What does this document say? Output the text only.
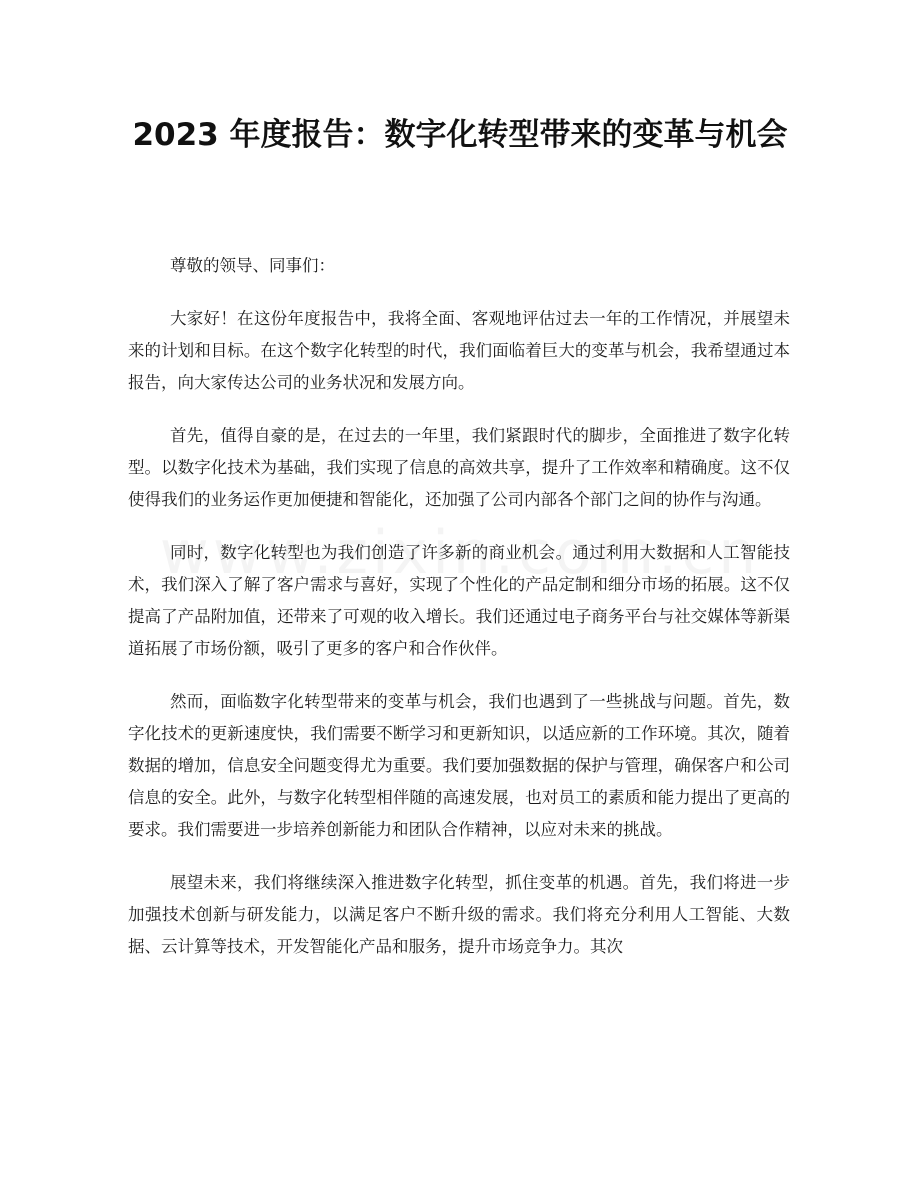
2023 年度报告：数字化转型带来的变革与机会

尊敬的领导、同事们：

大家好！在这份年度报告中，我将全面、客观地评估过去一年的工作情况，并展望未来的计划和目标。在这个数字化转型的时代，我们面临着巨大的变革与机会，我希望通过本报告，向大家传达公司的业务状况和发展方向。

首先，值得自豪的是，在过去的一年里，我们紧跟时代的脚步，全面推进了数字化转型。以数字化技术为基础，我们实现了信息的高效共享，提升了工作效率和精确度。这不仅使得我们的业务运作更加便捷和智能化，还加强了公司内部各个部门之间的协作与沟通。

同时，数字化转型也为我们创造了许多新的商业机会。通过利用大数据和人工智能技术，我们深入了解了客户需求与喜好，实现了个性化的产品定制和细分市场的拓展。这不仅提高了产品附加值，还带来了可观的收入增长。我们还通过电子商务平台与社交媒体等新渠道拓展了市场份额，吸引了更多的客户和合作伙伴。

然而，面临数字化转型带来的变革与机会，我们也遇到了一些挑战与问题。首先，数字化技术的更新速度快，我们需要不断学习和更新知识，以适应新的工作环境。其次，随着数据的增加，信息安全问题变得尤为重要。我们要加强数据的保护与管理，确保客户和公司信息的安全。此外，与数字化转型相伴随的高速发展，也对员工的素质和能力提出了更高的要求。我们需要进一步培养创新能力和团队合作精神，以应对未来的挑战。

展望未来，我们将继续深入推进数字化转型，抓住变革的机遇。首先，我们将进一步加强技术创新与研发能力，以满足客户不断升级的需求。我们将充分利用人工智能、大数据、云计算等技术，开发智能化产品和服务，提升市场竞争力。其次
